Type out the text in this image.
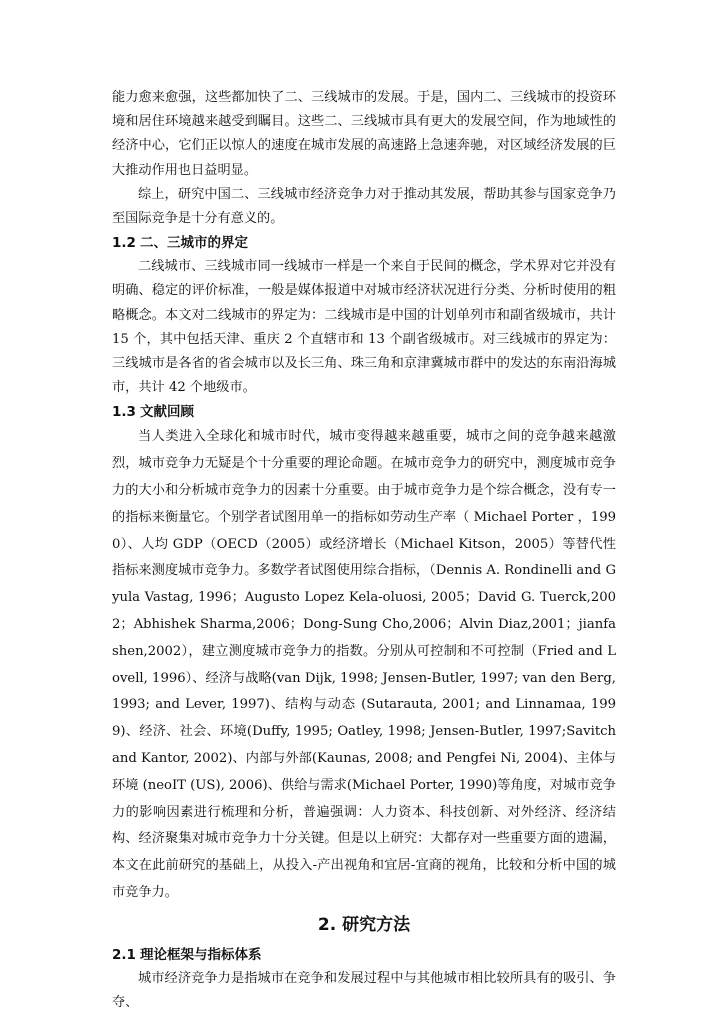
能力愈来愈强，这些都加快了二、三线城市的发展。于是，国内二、三线城市的投资环境和居住环境越来越受到瞩目。这些二、三线城市具有更大的发展空间，作为地域性的经济中心，它们正以惊人的速度在城市发展的高速路上急速奔驰，对区域经济发展的巨大推动作用也日益明显。

综上，研究中国二、三线城市经济竞争力对于推动其发展，帮助其参与国家竞争乃至国际竞争是十分有意义的。

1.2 二、三城市的界定

二线城市、三线城市同一线城市一样是一个来自于民间的概念，学术界对它并没有明确、稳定的评价标准，一般是媒体报道中对城市经济状况进行分类、分析时使用的粗略概念。本文对二线城市的界定为：二线城市是中国的计划单列市和副省级城市，共计 15 个，其中包括天津、重庆 2 个直辖市和 13 个副省级城市。对三线城市的界定为：三线城市是各省的省会城市以及长三角、珠三角和京津冀城市群中的发达的东南沿海城市，共计 42 个地级市。

1.3 文献回顾

当人类进入全球化和城市时代，城市变得越来越重要，城市之间的竞争越来越激烈，城市竞争力无疑是个十分重要的理论命题。在城市竞争力的研究中，测度城市竞争力的大小和分析城市竞争力的因素十分重要。由于城市竞争力是个综合概念，没有专一的指标来衡量它。个别学者试图用单一的指标如劳动生产率（ Michael Porter ，1990）、人均 GDP（OECD（2005）或经济增长（Michael Kitson，2005）等替代性指标来测度城市竞争力。多数学者试图使用综合指标，（Dennis A. Rondinelli and Gyula Vastag, 1996；Augusto Lopez Kela-oluosi, 2005；David G. Tuerck,2002；Abhishek Sharma,2006；Dong-Sung Cho,2006；Alvin Diaz,2001；jianfa shen,2002），建立测度城市竞争力的指数。分别从可控制和不可控制（Fried and Lovell, 1996）、经济与战略(van Dijk, 1998; Jensen-Butler, 1997; van den Berg, 1993; and Lever, 1997)、结构与动态 (Sutarauta, 2001; and Linnamaa, 1999)、经济、社会、环境(Duffy, 1995; Oatley, 1998; Jensen-Butler, 1997;Savitch and Kantor, 2002)、内部与外部(Kaunas, 2008; and Pengfei Ni, 2004)、主体与环境 (neoIT (US), 2006)、供给与需求(Michael Porter, 1990)等角度，对城市竞争力的影响因素进行梳理和分析，普遍强调：人力资本、科技创新、对外经济、经济结构、经济聚集对城市竞争力十分关键。但是以上研究：大都存对一些重要方面的遗漏，本文在此前研究的基础上，从投入-产出视角和宜居-宜商的视角，比较和分析中国的城市竞争力。

2. 研究方法
2.1 理论框架与指标体系

城市经济竞争力是指城市在竞争和发展过程中与其他城市相比较所具有的吸引、争夺、
